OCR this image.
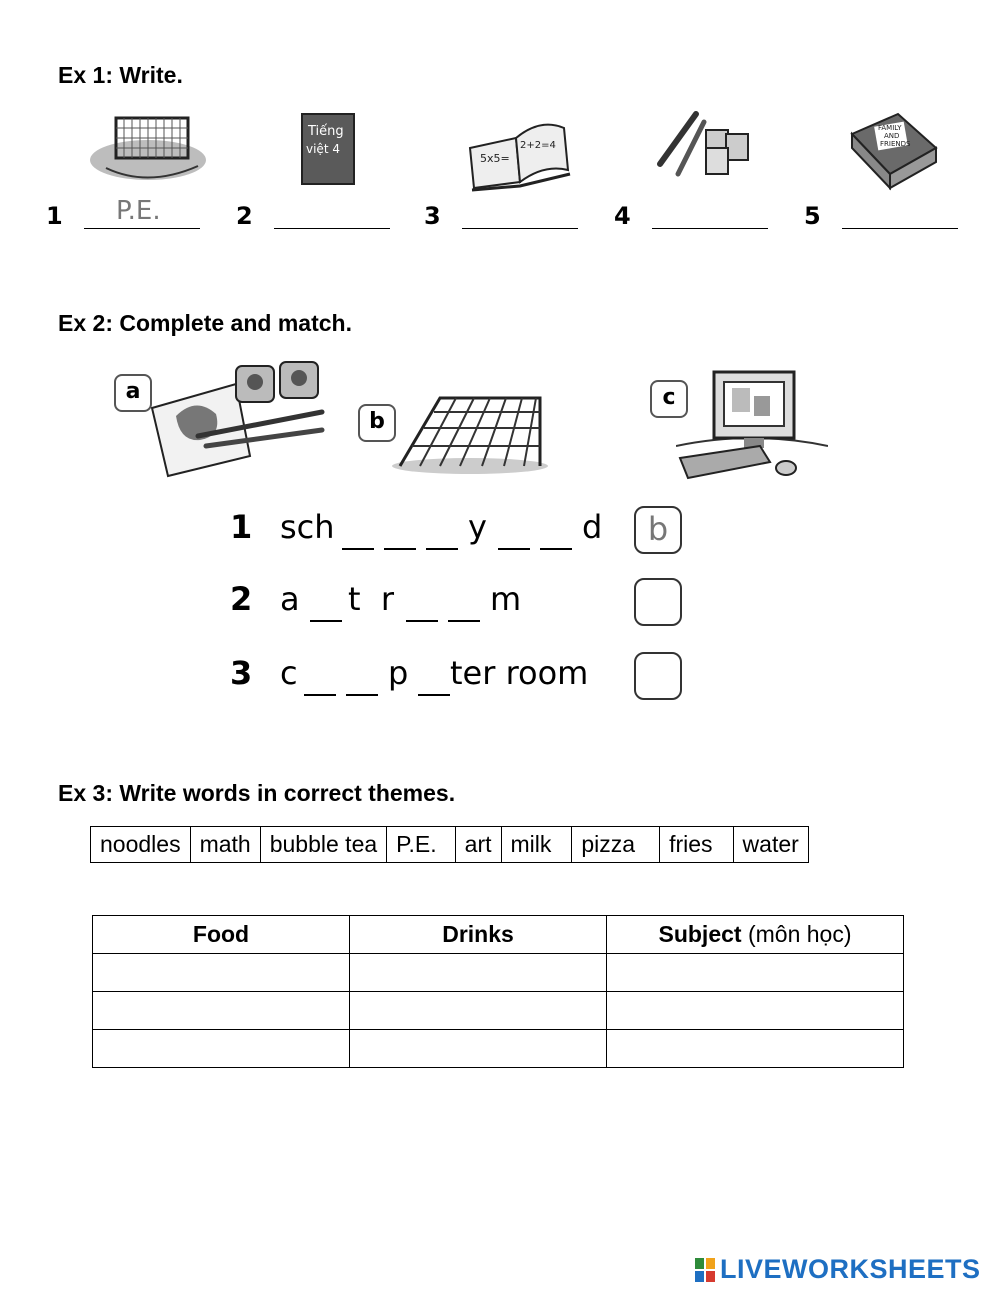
Ex 1: Write.
Tiếng
việt 4
5x5=
2+2=4
FAMILY
AND
FRIENDS
1 P.E.	2	3	4	5
Ex 2: Complete and match.
a
b
c
1 sch	y	d	b
2 a t  r	m
3 c	p ter room
Ex 3: Write words in correct themes.
noodles	math	bubble tea	P.E.	art	milk	pizza	fries	water
Food	Drinks	Subject (môn học)

LIVEWORKSHEETS
